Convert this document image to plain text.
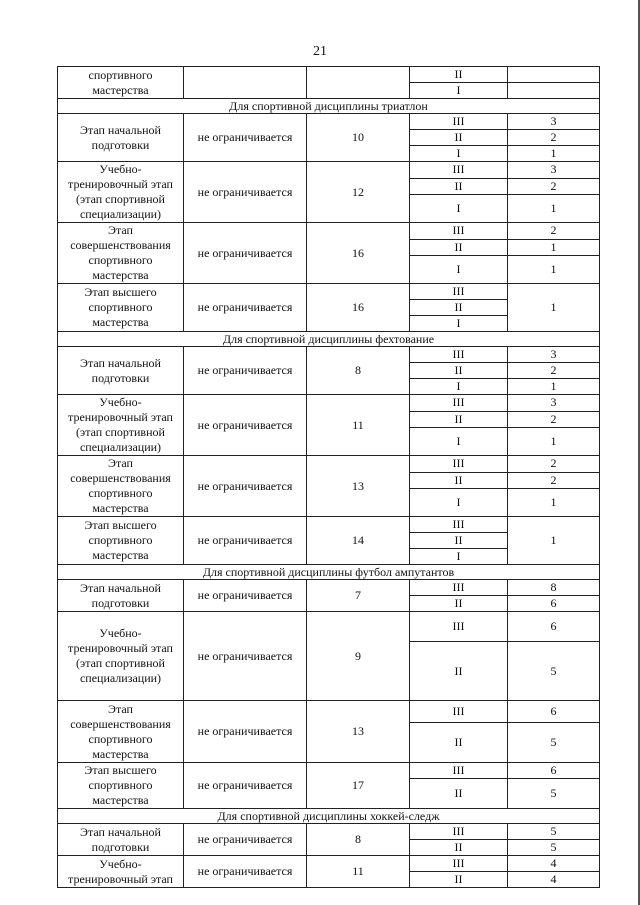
21
спортивного мастерства			II	
			I	
Для спортивной дисциплины триатлон				
Этап начальной подготовки	не ограничивается	10	III	3
			II	2
			I	1
Учебно-тренировочный этап (этап спортивной специализации)	не ограничивается	12	III	3
			II	2
			I	1
Этап совершенствования спортивного мастерства	не ограничивается	16	III	2
			II	1
			I	1
Этап высшего спортивного мастерства	не ограничивается	16	III	1
			II	
			I	
Для спортивной дисциплины фехтование				
Этап начальной подготовки	не ограничивается	8	III	3
			II	2
			I	1
Учебно-тренировочный этап (этап спортивной специализации)	не ограничивается	11	III	3
			II	2
			I	1
Этап совершенствования спортивного мастерства	не ограничивается	13	III	2
			II	2
			I	1
Этап высшего спортивного мастерства	не ограничивается	14	III	1
			II	
			I	
Для спортивной дисциплины футбол ампутантов				
Этап начальной подготовки	не ограничивается	7	III	8
			II	6
Учебно-тренировочный этап (этап спортивной специализации)	не ограничивается	9	III	6
			II	5
Этап совершенствования спортивного мастерства	не ограничивается	13	III	6
			II	5
Этап высшего спортивного мастерства	не ограничивается	17	III	6
			II	5
Для спортивной дисциплины хоккей-следж				
Этап начальной подготовки	не ограничивается	8	III	5
			II	5
Учебно-тренировочный этап	не ограничивается	11	III	4
			II	4
